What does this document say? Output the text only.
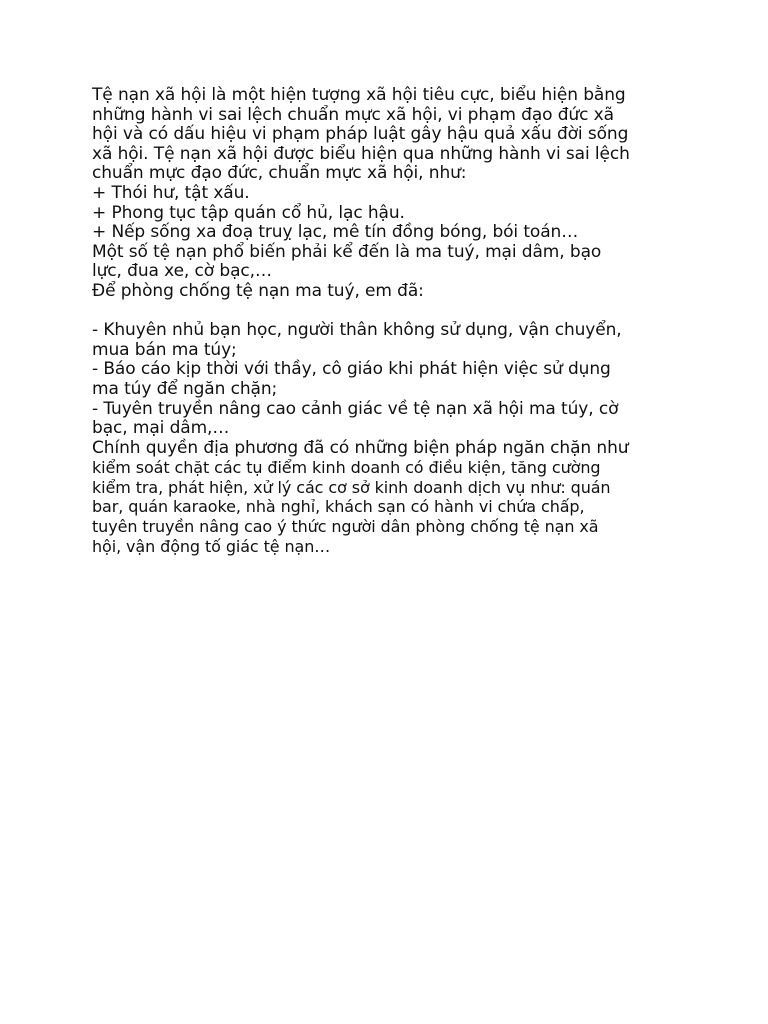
Tệ nạn xã hội là một hiện tượng xã hội tiêu cực, biểu hiện bằng
những hành vi sai lệch chuẩn mực xã hội, vi phạm đạo đức xã
hội và có dấu hiệu vi phạm pháp luật gây hậu quả xấu đời sống
xã hội. Tệ nạn xã hội được biểu hiện qua những hành vi sai lệch
chuẩn mực đạo đức, chuẩn mực xã hội, như:
+ Thói hư, tật xấu.
+ Phong tục tập quán cổ hủ, lạc hậu.
+ Nếp sống xa đoạ truỵ lạc, mê tín đồng bóng, bói toán…
Một số tệ nạn phổ biến phải kể đến là ma tuý, mại dâm, bạo
lực, đua xe, cờ bạc,…
Để phòng chống tệ nạn ma tuý, em đã:
- Khuyên nhủ bạn học, người thân không sử dụng, vận chuyển,
mua bán ma túy;
- Báo cáo kịp thời với thầy, cô giáo khi phát hiện việc sử dụng
ma túy để ngăn chặn;
- Tuyên truyền nâng cao cảnh giác về tệ nạn xã hội ma túy, cờ
bạc, mại dâm,…
Chính quyền địa phương đã có những biện pháp ngăn chặn như
kiểm soát chặt các tụ điểm kinh doanh có điều kiện, tăng cường
kiểm tra, phát hiện, xử lý các cơ sở kinh doanh dịch vụ như: quán
bar, quán karaoke, nhà nghỉ, khách sạn có hành vi chứa chấp,
tuyên truyền nâng cao ý thức người dân phòng chống tệ nạn xã
hội, vận động tố giác tệ nạn…
